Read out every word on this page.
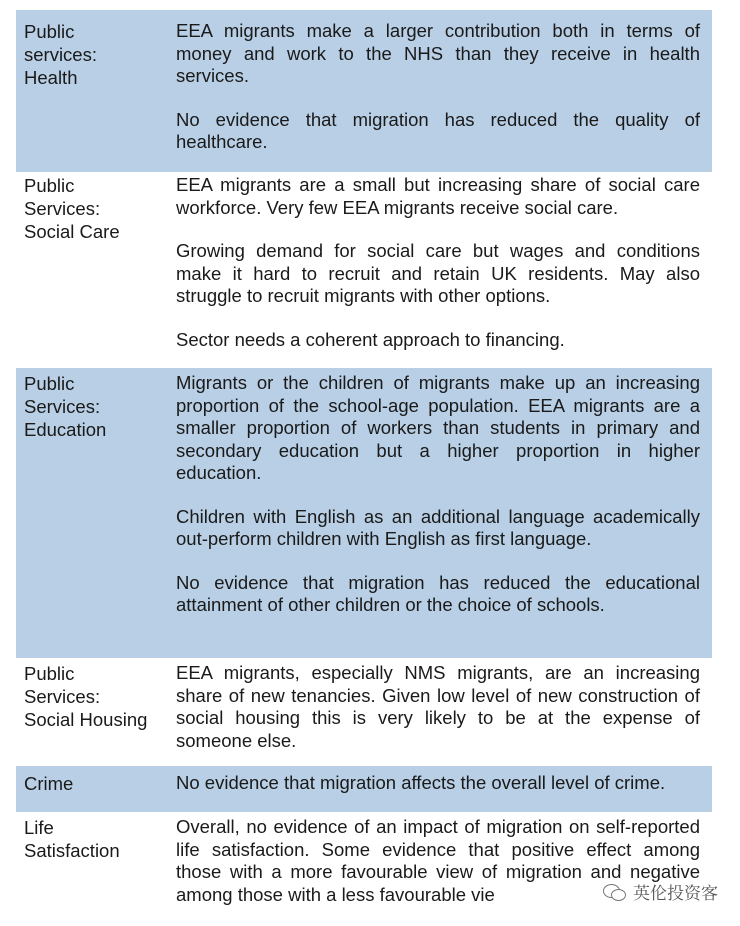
Public
services:
Health

EEA migrants make a larger contribution both in terms of money and work to the NHS than they receive in health services.

No evidence that migration has reduced the quality of healthcare.

Public
Services:
Social Care

EEA migrants are a small but increasing share of social care workforce. Very few EEA migrants receive social care.

Growing demand for social care but wages and conditions make it hard to recruit and retain UK residents. May also struggle to recruit migrants with other options.

Sector needs a coherent approach to financing.

Public
Services:
Education

Migrants or the children of migrants make up an increasing proportion of the school-age population. EEA migrants are a smaller proportion of workers than students in primary and secondary education but a higher proportion in higher education.

Children with English as an additional language academically out-perform children with English as first language.

No evidence that migration has reduced the educational attainment of other children or the choice of schools.

Public
Services:
Social Housing

EEA migrants, especially NMS migrants, are an increasing share of new tenancies. Given low level of new construction of social housing this is very likely to be at the expense of someone else.

Crime	No evidence that migration affects the overall level of crime.

Life
Satisfaction

Overall, no evidence of an impact of migration on self-reported life satisfaction. Some evidence that positive effect among those with a more favourable view of migration and negative among those with a less favourable vie	英伦投资客
